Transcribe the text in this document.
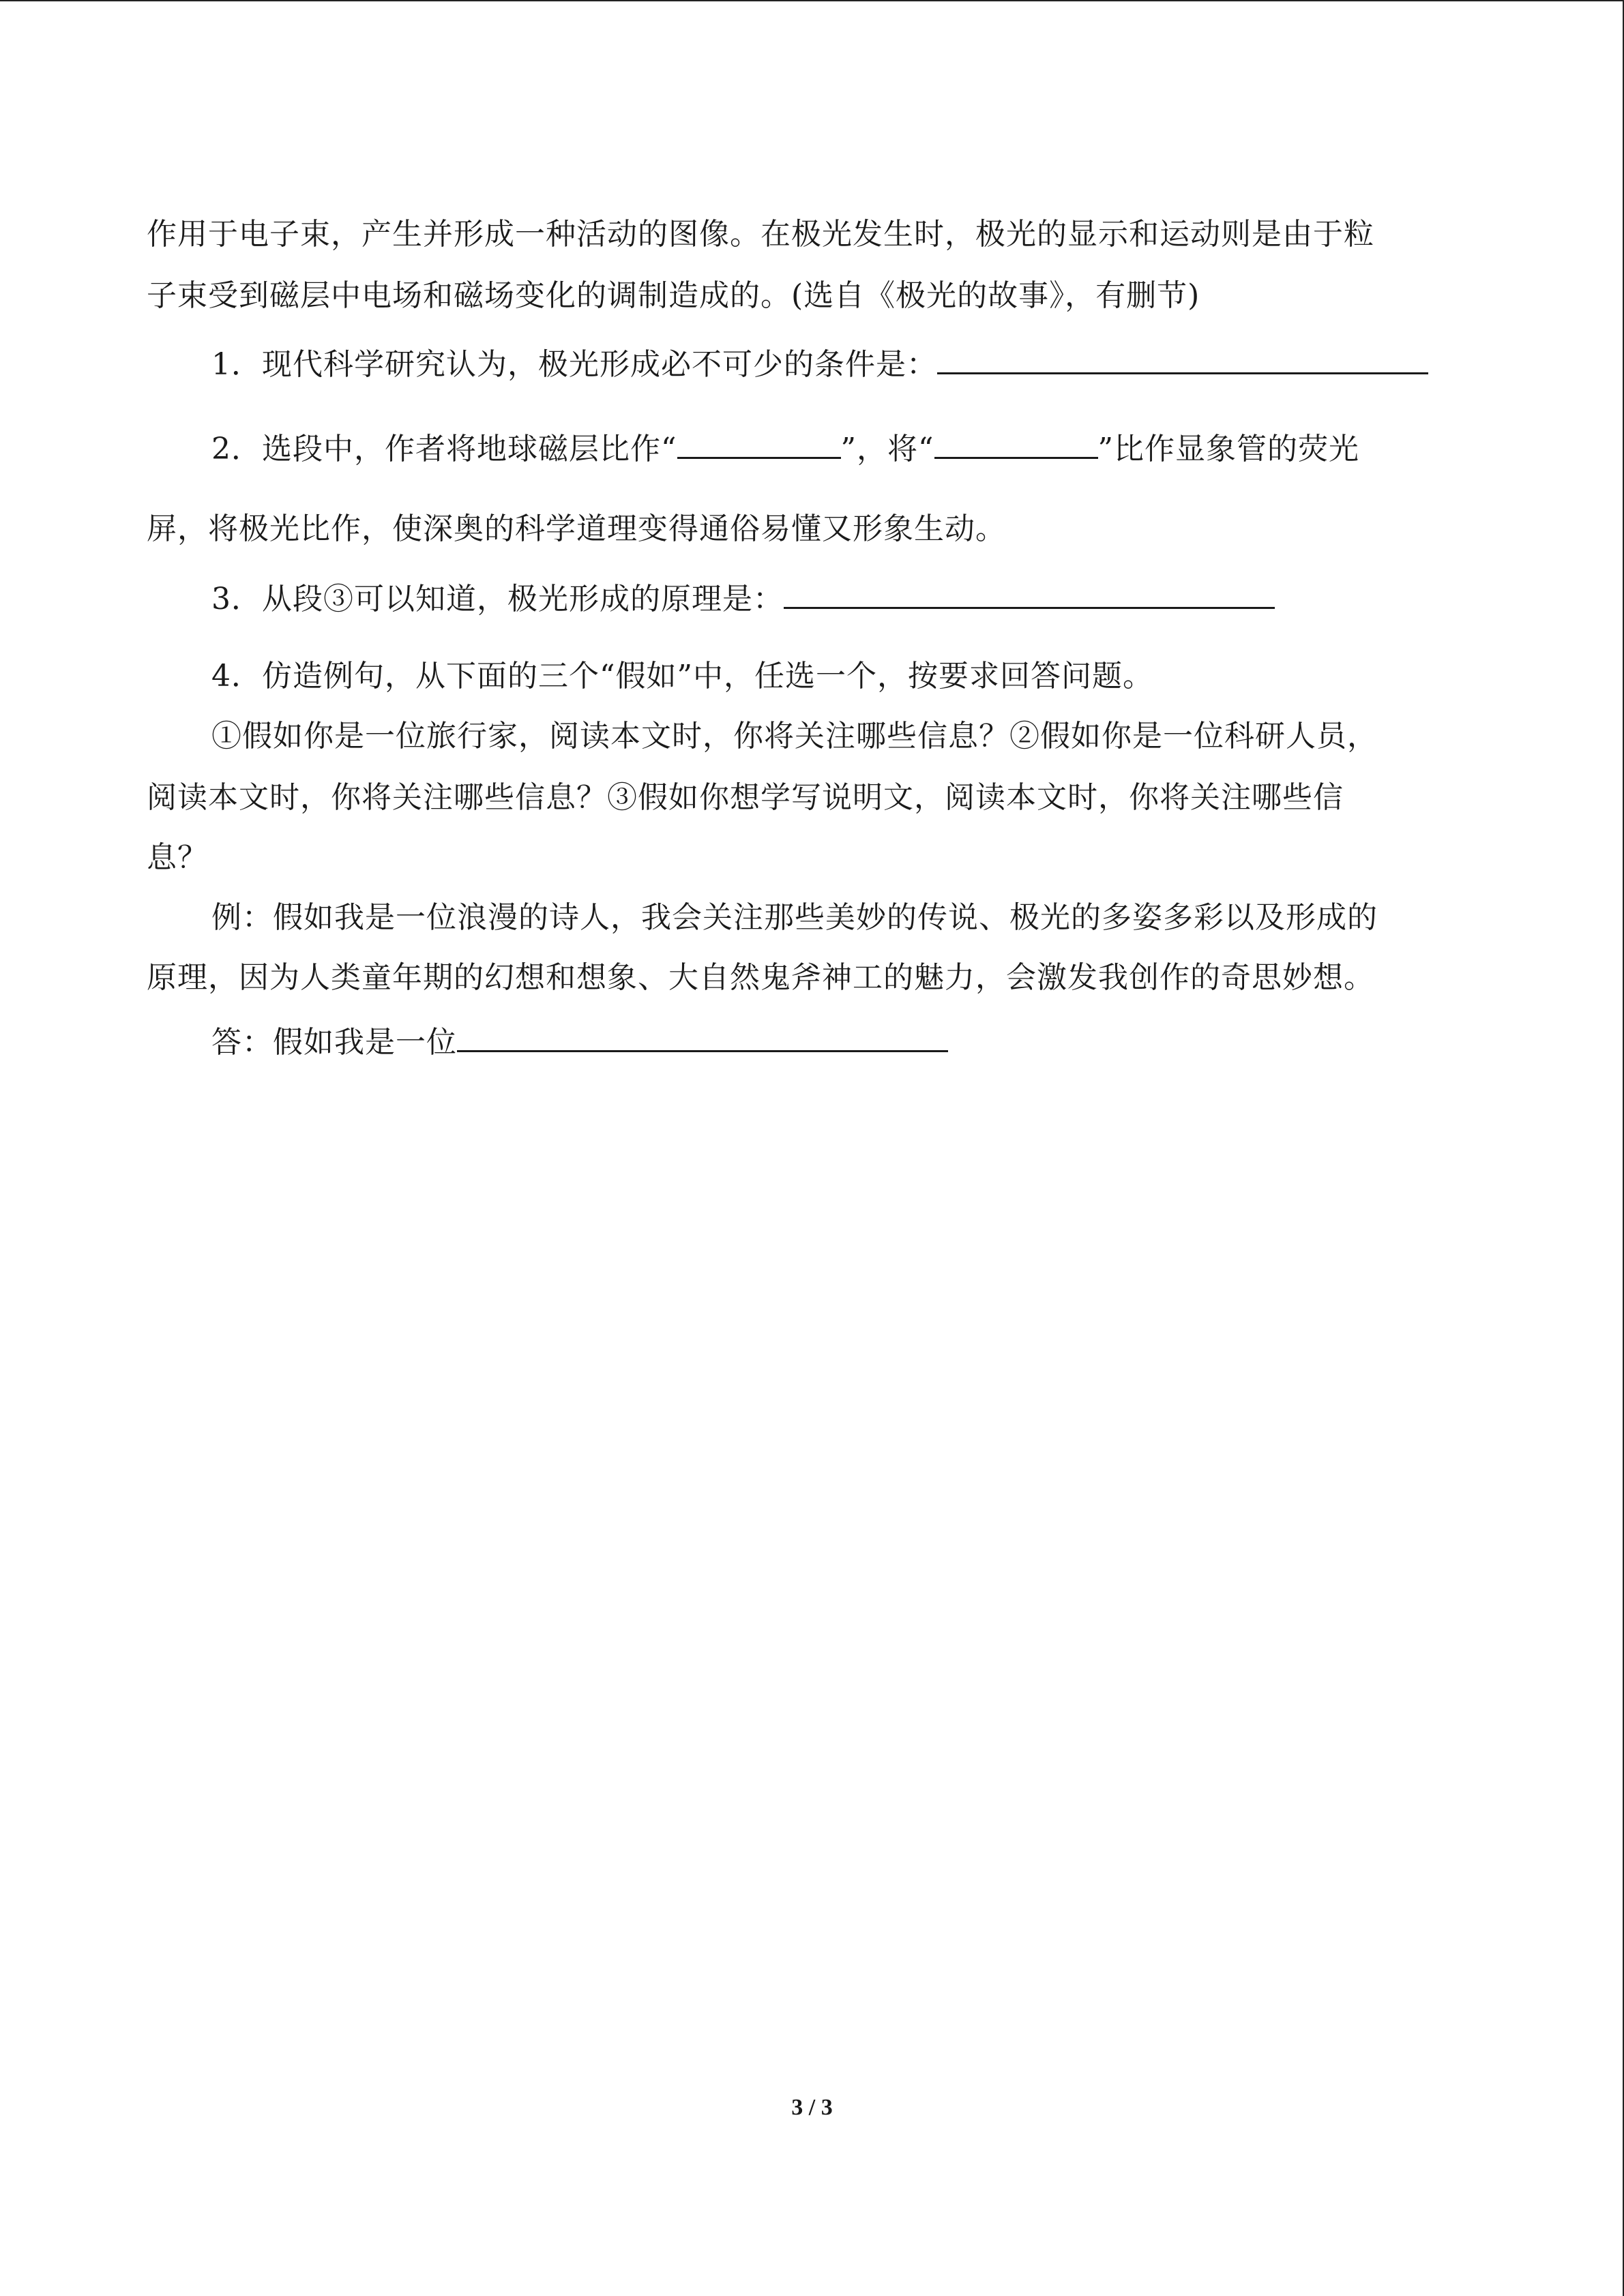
作用于电子束，产生并形成一种活动的图像。在极光发生时，极光的显示和运动则是由于粒
子束受到磁层中电场和磁场变化的调制造成的。(选自《极光的故事》，有删节)
1．现代科学研究认为，极光形成必不可少的条件是：
2．选段中，作者将地球磁层比作“	”，将“	”比作显象管的荧光
屏，将极光比作，使深奥的科学道理变得通俗易懂又形象生动。
3．从段③可以知道，极光形成的原理是：
4．仿造例句，从下面的三个“假如”中，任选一个，按要求回答问题。
①假如你是一位旅行家，阅读本文时，你将关注哪些信息？②假如你是一位科研人员，
阅读本文时，你将关注哪些信息？③假如你想学写说明文，阅读本文时，你将关注哪些信
息？
例：假如我是一位浪漫的诗人，我会关注那些美妙的传说、极光的多姿多彩以及形成的
原理，因为人类童年期的幻想和想象、大自然鬼斧神工的魅力，会激发我创作的奇思妙想。
答：假如我是一位
3 / 3
